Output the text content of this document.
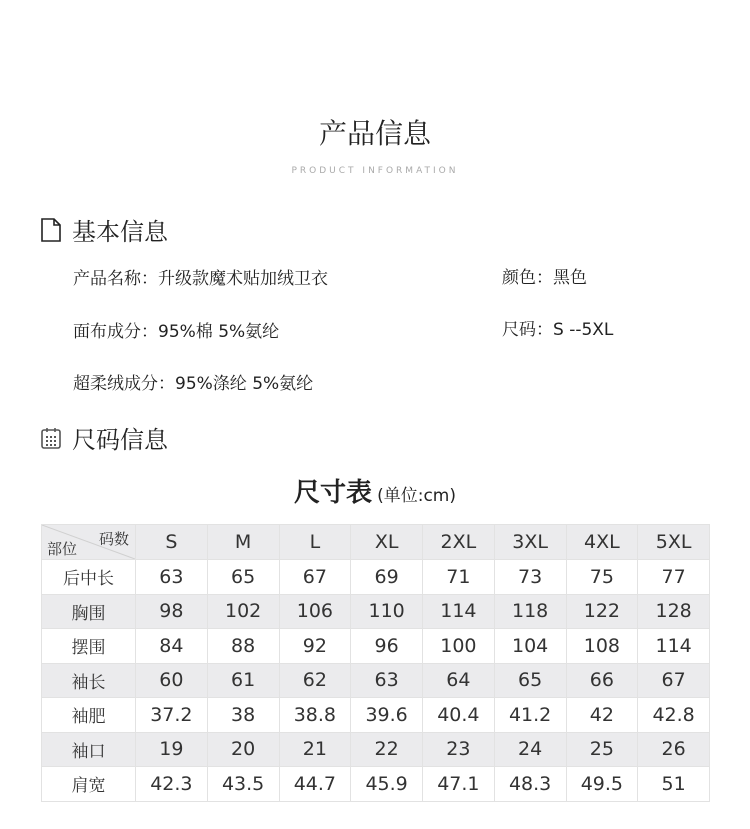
产品信息
PRODUCT INFORMATION
基本信息
产品名称：升级款魔术贴加绒卫衣	颜色：黑色
面布成分：95%棉 5%氨纶	尺码：S --5XL
超柔绒成分：95%涤纶 5%氨纶
尺码信息
尺寸表 (单位:cm)
码数
部位	S	M	L	XL	2XL	3XL	4XL	5XL
后中长	63	65	67	69	71	73	75	77
胸围	98	102	106	110	114	118	122	128
摆围	84	88	92	96	100	104	108	114
袖长	60	61	62	63	64	65	66	67
袖肥	37.2	38	38.8	39.6	40.4	41.2	42	42.8
袖口	19	20	21	22	23	24	25	26
肩宽	42.3	43.5	44.7	45.9	47.1	48.3	49.5	51
